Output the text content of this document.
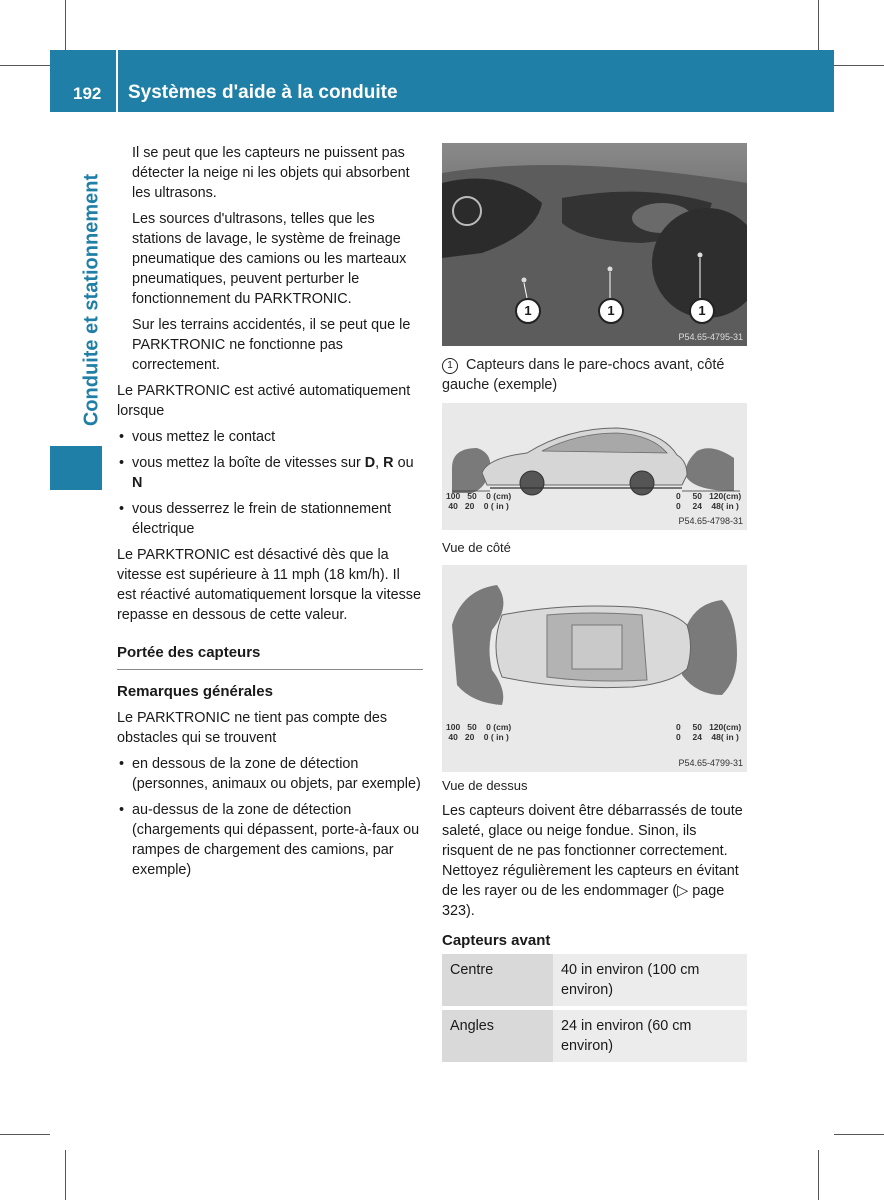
192 Systèmes d'aide à la conduite
Conduite et stationnement

Il se peut que les capteurs ne puissent pas détecter la neige ni les objets qui absorbent les ultrasons.

Les sources d'ultrasons, telles que les stations de lavage, le système de freinage pneumatique des camions ou les marteaux pneumatiques, peuvent perturber le fonctionnement du PARKTRONIC.

Sur les terrains accidentés, il se peut que le PARKTRONIC ne fonctionne pas correctement.

Le PARKTRONIC est activé automatiquement lorsque

• vous mettez le contact
• vous mettez la boîte de vitesses sur D, R ou N
• vous desserrez le frein de stationnement électrique

Le PARKTRONIC est désactivé dès que la vitesse est supérieure à 11 mph (18 km/h). Il est réactivé automatiquement lorsque la vitesse repasse en dessous de cette valeur.

Portée des capteurs
Remarques générales

Le PARKTRONIC ne tient pas compte des obstacles qui se trouvent

• en dessous de la zone de détection (personnes, animaux ou objets, par exemple)
• au-dessus de la zone de détection (chargements qui dépassent, porte-à-faux ou rampes de chargement des camions, par exemple)
1	1	1
P54.65-4795-31
1 Capteurs dans le pare-chocs avant, côté gauche (exemple)
100   50    0 (cm)
40   20    0 ( in )
0     50   120(cm)
0     24    48( in )
P54.65-4798-31
Vue de côté
100   50    0 (cm)
40   20    0 ( in )
0     50   120(cm)
0     24    48( in )
P54.65-4799-31
Vue de dessus

Les capteurs doivent être débarrassés de toute saleté, glace ou neige fondue. Sinon, ils risquent de ne pas fonctionner correctement. Nettoyez régulièrement les capteurs en évitant de les rayer ou de les endommager (▷ page 323).

Capteurs avant
Centre	40 in environ (100 cm environ)
Angles	24 in environ (60 cm environ)
